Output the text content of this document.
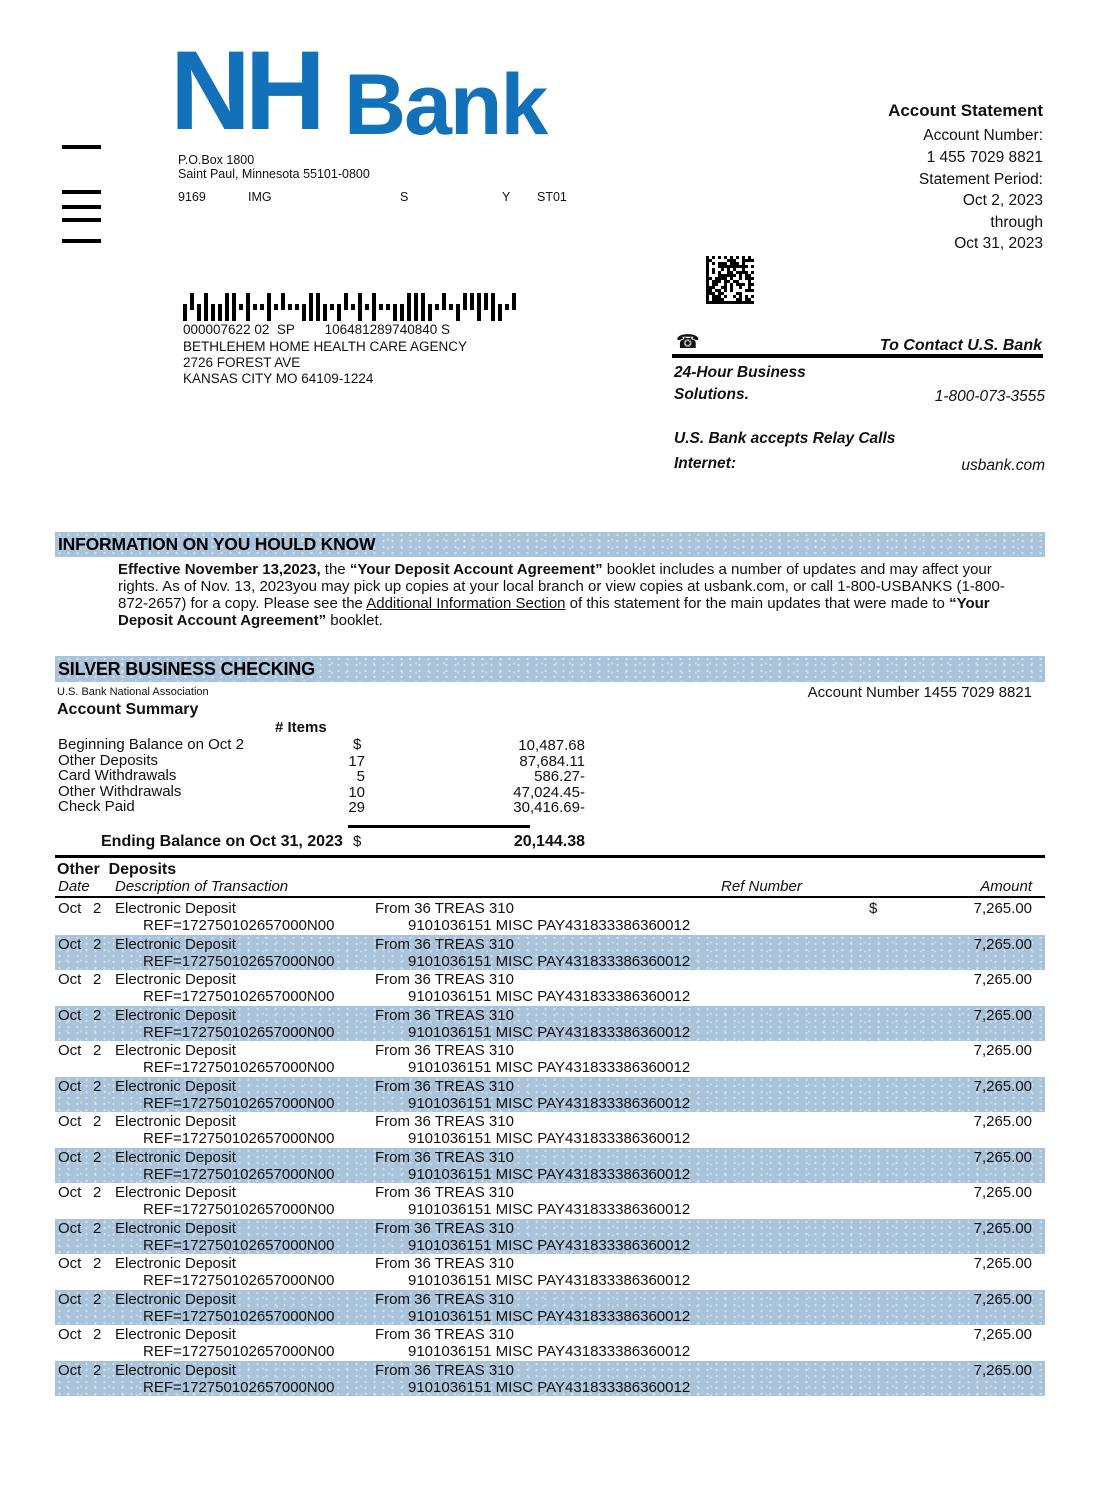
NH Bank
P.O.Box 1800
Saint Paul, Minnesota 55101-0800
9169	IMG	S	Y ST01
Account Statement
Account Number:
1 455 7029 8821
Statement Period:
Oct 2, 2023
through
Oct 31, 2023
000007622 02  SP        106481289740840 S
BETHLEHEM HOME HEALTH CARE AGENCY
2726 FOREST AVE
KANSAS CITY MO 64109-1224
☎	To Contact U.S. Bank
24-Hour Business
Solutions.	1-800-073-3555
U.S. Bank accepts Relay Calls
Internet:	usbank.com
INFORMATION ON YOU HOULD KNOW
Effective November 13,2023, the “Your Deposit Account Agreement” booklet includes a number of updates and may affect your rights. As of Nov. 13, 2023you may pick up copies at your local branch or view copies at usbank.com, or call 1-800-USBANKS (1-800-872-2657) for a copy. Please see the Additional Information Section of this statement for the main updates that were made to “Your Deposit Account Agreement” booklet.
SILVER BUSINESS CHECKING
U.S. Bank National Association	Account Number 1455 7029 8821
Account Summary
# Items
Beginning Balance on Oct 2	$	10,487.68
Other Deposits	17	87,684.11
Card Withdrawals	5	586.27-
Other Withdrawals	10	47,024.45-
Check Paid	29	30,416.69-
Ending Balance on Oct 31, 2023 $	20,144.38
Other  Deposits
Date Description of Transaction	Ref Number	Amount
Oct 2 Electronic Deposit	From 36 TREAS 310	$	7,265.00
REF=172750102657000N00	9101036151 MISC PAY431833386360012
Oct 2 Electronic Deposit	From 36 TREAS 310	7,265.00
REF=172750102657000N00	9101036151 MISC PAY431833386360012
Oct 2 Electronic Deposit	From 36 TREAS 310	7,265.00
REF=172750102657000N00	9101036151 MISC PAY431833386360012
Oct 2 Electronic Deposit	From 36 TREAS 310	7,265.00
REF=172750102657000N00	9101036151 MISC PAY431833386360012
Oct 2 Electronic Deposit	From 36 TREAS 310	7,265.00
REF=172750102657000N00	9101036151 MISC PAY431833386360012
Oct 2 Electronic Deposit	From 36 TREAS 310	7,265.00
REF=172750102657000N00	9101036151 MISC PAY431833386360012
Oct 2 Electronic Deposit	From 36 TREAS 310	7,265.00
REF=172750102657000N00	9101036151 MISC PAY431833386360012
Oct 2 Electronic Deposit	From 36 TREAS 310	7,265.00
REF=172750102657000N00	9101036151 MISC PAY431833386360012
Oct 2 Electronic Deposit	From 36 TREAS 310	7,265.00
REF=172750102657000N00	9101036151 MISC PAY431833386360012
Oct 2 Electronic Deposit	From 36 TREAS 310	7,265.00
REF=172750102657000N00	9101036151 MISC PAY431833386360012
Oct 2 Electronic Deposit	From 36 TREAS 310	7,265.00
REF=172750102657000N00	9101036151 MISC PAY431833386360012
Oct 2 Electronic Deposit	From 36 TREAS 310	7,265.00
REF=172750102657000N00	9101036151 MISC PAY431833386360012
Oct 2 Electronic Deposit	From 36 TREAS 310	7,265.00
REF=172750102657000N00	9101036151 MISC PAY431833386360012
Oct 2 Electronic Deposit	From 36 TREAS 310	7,265.00
REF=172750102657000N00	9101036151 MISC PAY431833386360012
